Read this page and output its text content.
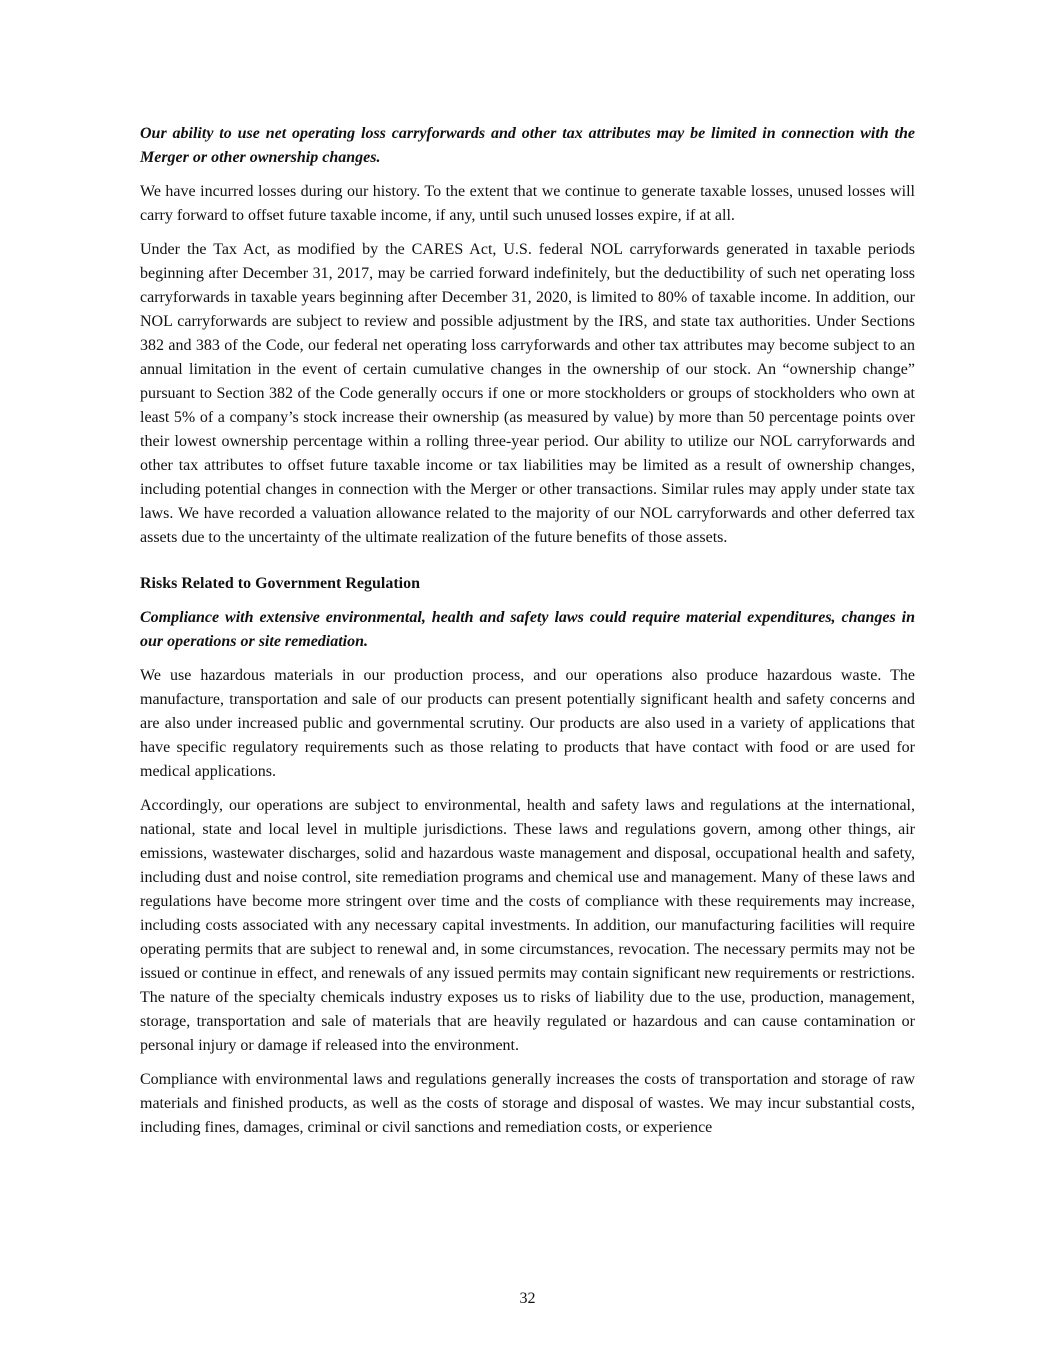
Our ability to use net operating loss carryforwards and other tax attributes may be limited in connection with the Merger or other ownership changes.

We have incurred losses during our history. To the extent that we continue to generate taxable losses, unused losses will carry forward to offset future taxable income, if any, until such unused losses expire, if at all.

Under the Tax Act, as modified by the CARES Act, U.S. federal NOL carryforwards generated in taxable periods beginning after December 31, 2017, may be carried forward indefinitely, but the deductibility of such net operating loss carryforwards in taxable years beginning after December 31, 2020, is limited to 80% of taxable income. In addition, our NOL carryforwards are subject to review and possible adjustment by the IRS, and state tax authorities. Under Sections 382 and 383 of the Code, our federal net operating loss carryforwards and other tax attributes may become subject to an annual limitation in the event of certain cumulative changes in the ownership of our stock. An “ownership change” pursuant to Section 382 of the Code generally occurs if one or more stockholders or groups of stockholders who own at least 5% of a company’s stock increase their ownership (as measured by value) by more than 50 percentage points over their lowest ownership percentage within a rolling three-year period. Our ability to utilize our NOL carryforwards and other tax attributes to offset future taxable income or tax liabilities may be limited as a result of ownership changes, including potential changes in connection with the Merger or other transactions. Similar rules may apply under state tax laws. We have recorded a valuation allowance related to the majority of our NOL carryforwards and other deferred tax assets due to the uncertainty of the ultimate realization of the future benefits of those assets.

Risks Related to Government Regulation

Compliance with extensive environmental, health and safety laws could require material expenditures, changes in our operations or site remediation.

We use hazardous materials in our production process, and our operations also produce hazardous waste. The manufacture, transportation and sale of our products can present potentially significant health and safety concerns and are also under increased public and governmental scrutiny. Our products are also used in a variety of applications that have specific regulatory requirements such as those relating to products that have contact with food or are used for medical applications.

Accordingly, our operations are subject to environmental, health and safety laws and regulations at the international, national, state and local level in multiple jurisdictions. These laws and regulations govern, among other things, air emissions, wastewater discharges, solid and hazardous waste management and disposal, occupational health and safety, including dust and noise control, site remediation programs and chemical use and management. Many of these laws and regulations have become more stringent over time and the costs of compliance with these requirements may increase, including costs associated with any necessary capital investments. In addition, our manufacturing facilities will require operating permits that are subject to renewal and, in some circumstances, revocation. The necessary permits may not be issued or continue in effect, and renewals of any issued permits may contain significant new requirements or restrictions. The nature of the specialty chemicals industry exposes us to risks of liability due to the use, production, management, storage, transportation and sale of materials that are heavily regulated or hazardous and can cause contamination or personal injury or damage if released into the environment.

Compliance with environmental laws and regulations generally increases the costs of transportation and storage of raw materials and finished products, as well as the costs of storage and disposal of wastes. We may incur substantial costs, including fines, damages, criminal or civil sanctions and remediation costs, or experience

32
